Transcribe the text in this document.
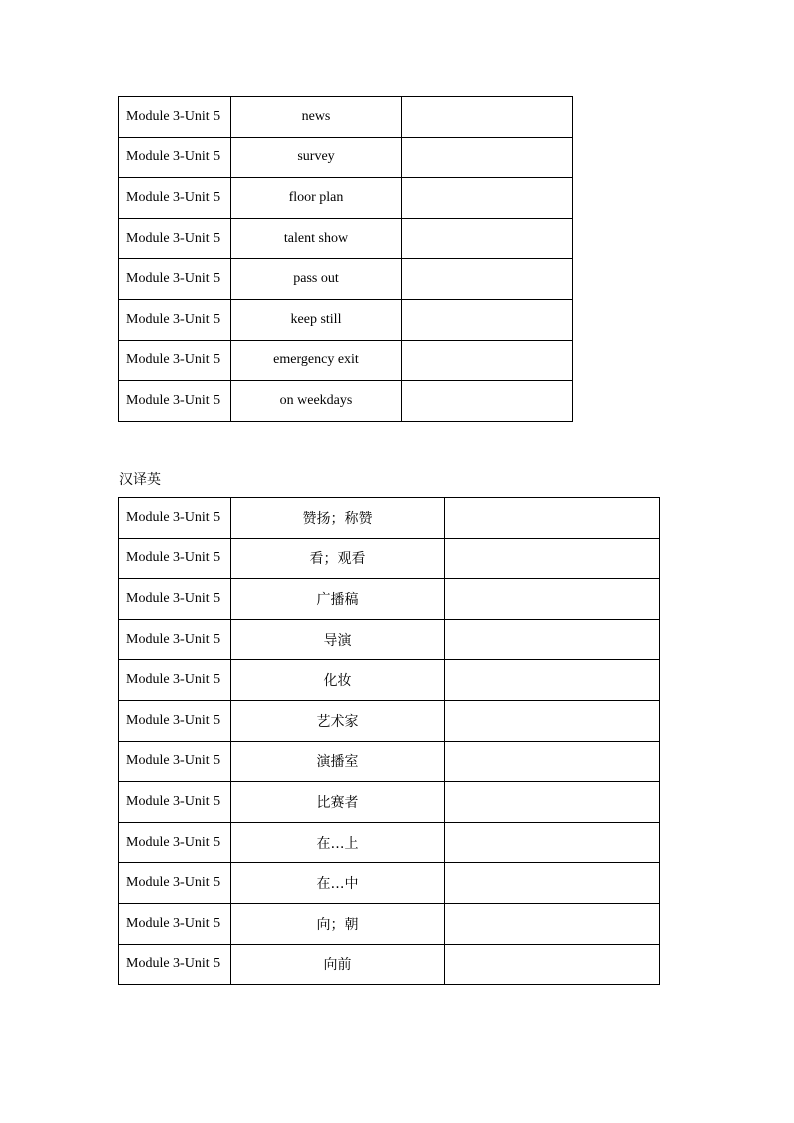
Module 3-Unit 5	news	
Module 3-Unit 5	survey	
Module 3-Unit 5	floor plan	
Module 3-Unit 5	talent show	
Module 3-Unit 5	pass out	
Module 3-Unit 5	keep still	
Module 3-Unit 5	emergency exit	
Module 3-Unit 5	on weekdays	
汉译英
Module 3-Unit 5	赞扬；称赞	
Module 3-Unit 5	看；观看	
Module 3-Unit 5	广播稿	
Module 3-Unit 5	导演	
Module 3-Unit 5	化妆	
Module 3-Unit 5	艺术家	
Module 3-Unit 5	演播室	
Module 3-Unit 5	比赛者	
Module 3-Unit 5	在…上	
Module 3-Unit 5	在…中	
Module 3-Unit 5	向；朝	
Module 3-Unit 5	向前	
